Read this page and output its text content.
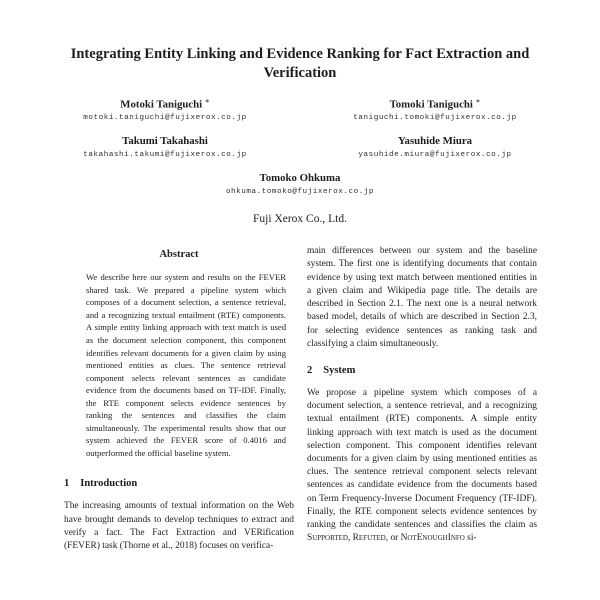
Integrating Entity Linking and Evidence Ranking for Fact Extraction and Verification
Motoki Taniguchi ∗
motoki.taniguchi@fujixerox.co.jp
Tomoki Taniguchi ∗
taniguchi.tomoki@fujixerox.co.jp
Takumi Takahashi
takahashi.takumi@fujixerox.co.jp
Yasuhide Miura
yasuhide.miura@fujixerox.co.jp
Tomoko Ohkuma
ohkuma.tomoko@fujixerox.co.jp
Fuji Xerox Co., Ltd.
Abstract

We describe here our system and results on the FEVER shared task. We prepared a pipeline system which composes of a document selection, a sentence retrieval, and a recognizing textual entailment (RTE) components. A simple entity linking approach with text match is used as the document selection component, this component identifies relevant documents for a given claim by using mentioned entities as clues. The sentence retrieval component selects relevant sentences as candidate evidence from the documents based on TF-IDF. Finally, the RTE component selects evidence sentences by ranking the sentences and classifies the claim simultaneously. The experimental results show that our system achieved the FEVER score of 0.4016 and outperformed the official baseline system.

1 Introduction

The increasing amounts of textual information on the Web have brought demands to develop techniques to extract and verify a fact. The Fact Extraction and VERification (FEVER) task (Thorne et al., 2018) focuses on verifica-

main differences between our system and the baseline system. The first one is identifying documents that contain evidence by using text match between mentioned entities in a given claim and Wikipedia page title. The details are described in Section 2.1. The next one is a neural network based model, details of which are described in Section 2.3, for selecting evidence sentences as ranking task and classifying a claim simultaneously.

2 System

We propose a pipeline system which composes of a document selection, a sentence retrieval, and a recognizing textual entailment (RTE) components. A simple entity linking approach with text match is used as the document selection component. This component identifies relevant documents for a given claim by using mentioned entities as clues. The sentence retrieval component selects relevant sentences as candidate evidence from the documents based on Term Frequency-Inverse Document Frequency (TF-IDF). Finally, the RTE component selects evidence sentences by ranking the candidate sentences and classifies the claim as Supported, Refuted, or NotEnoughInfo si-
